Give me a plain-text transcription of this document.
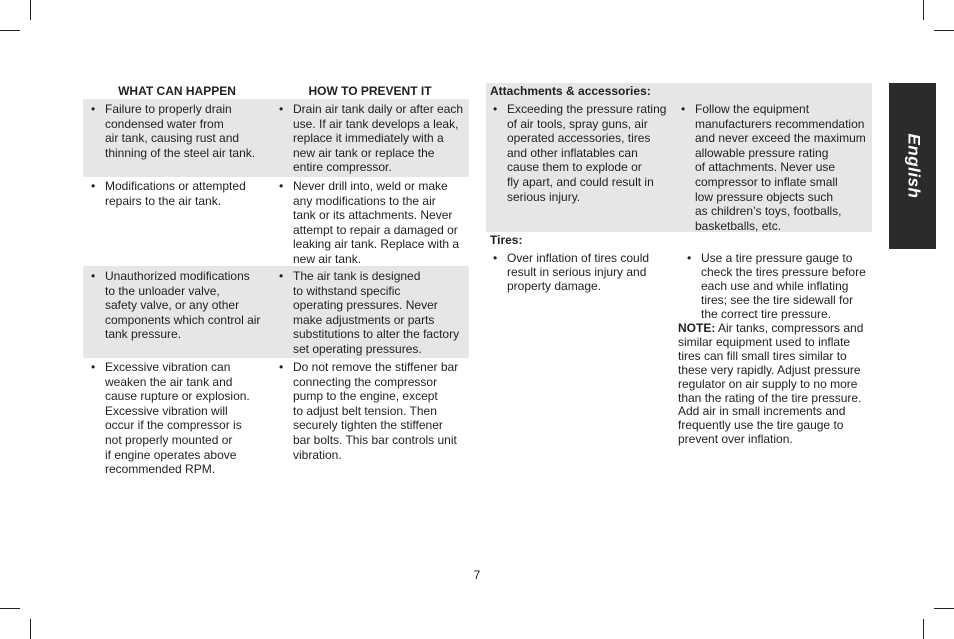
WHAT CAN HAPPEN	HOW TO PREVENT IT
• Failure to properly drain
condensed water from
air tank, causing rust and
thinning of the steel air tank.
• Drain air tank daily or after each
use. If air tank develops a leak,
replace it immediately with a
new air tank or replace the
entire compressor.
• Modifications or attempted
repairs to the air tank.
• Never drill into, weld or make
any modifications to the air
tank or its attachments. Never
attempt to repair a damaged or
leaking air tank. Replace with a
new air tank.
• Unauthorized modifications
to the unloader valve,
safety valve, or any other
components which control air
tank pressure.
• The air tank is designed
to withstand specific
operating pressures. Never
make adjustments or parts
substitutions to alter the factory
set operating pressures.
• Excessive vibration can
weaken the air tank and
cause rupture or explosion.
Excessive vibration will
occur if the compressor is
not properly mounted or
if engine operates above
recommended RPM.
• Do not remove the stiffener bar
connecting the compressor
pump to the engine, except
to adjust belt tension. Then
securely tighten the stiffener
bar bolts. This bar controls unit
vibration.
Attachments & accessories:
• Exceeding the pressure rating
of air tools, spray guns, air
operated accessories, tires
and other inflatables can
cause them to explode or
fly apart, and could result in
serious injury.
• Follow the equipment
manufacturers recommendation
and never exceed the maximum
allowable pressure rating
of attachments. Never use
compressor to inflate small
low pressure objects such
as children’s toys, footballs,
basketballs, etc.
Tires:
• Over inflation of tires could
result in serious injury and
property damage.
• Use a tire pressure gauge to
check the tires pressure before
each use and while inflating
tires; see the tire sidewall for
the correct tire pressure.
NOTE: Air tanks, compressors and
similar equipment used to inflate
tires can fill small tires similar to
these very rapidly. Adjust pressure
regulator on air supply to no more
than the rating of the tire pressure.
Add air in small increments and
frequently use the tire gauge to
prevent over inflation.
English
7
